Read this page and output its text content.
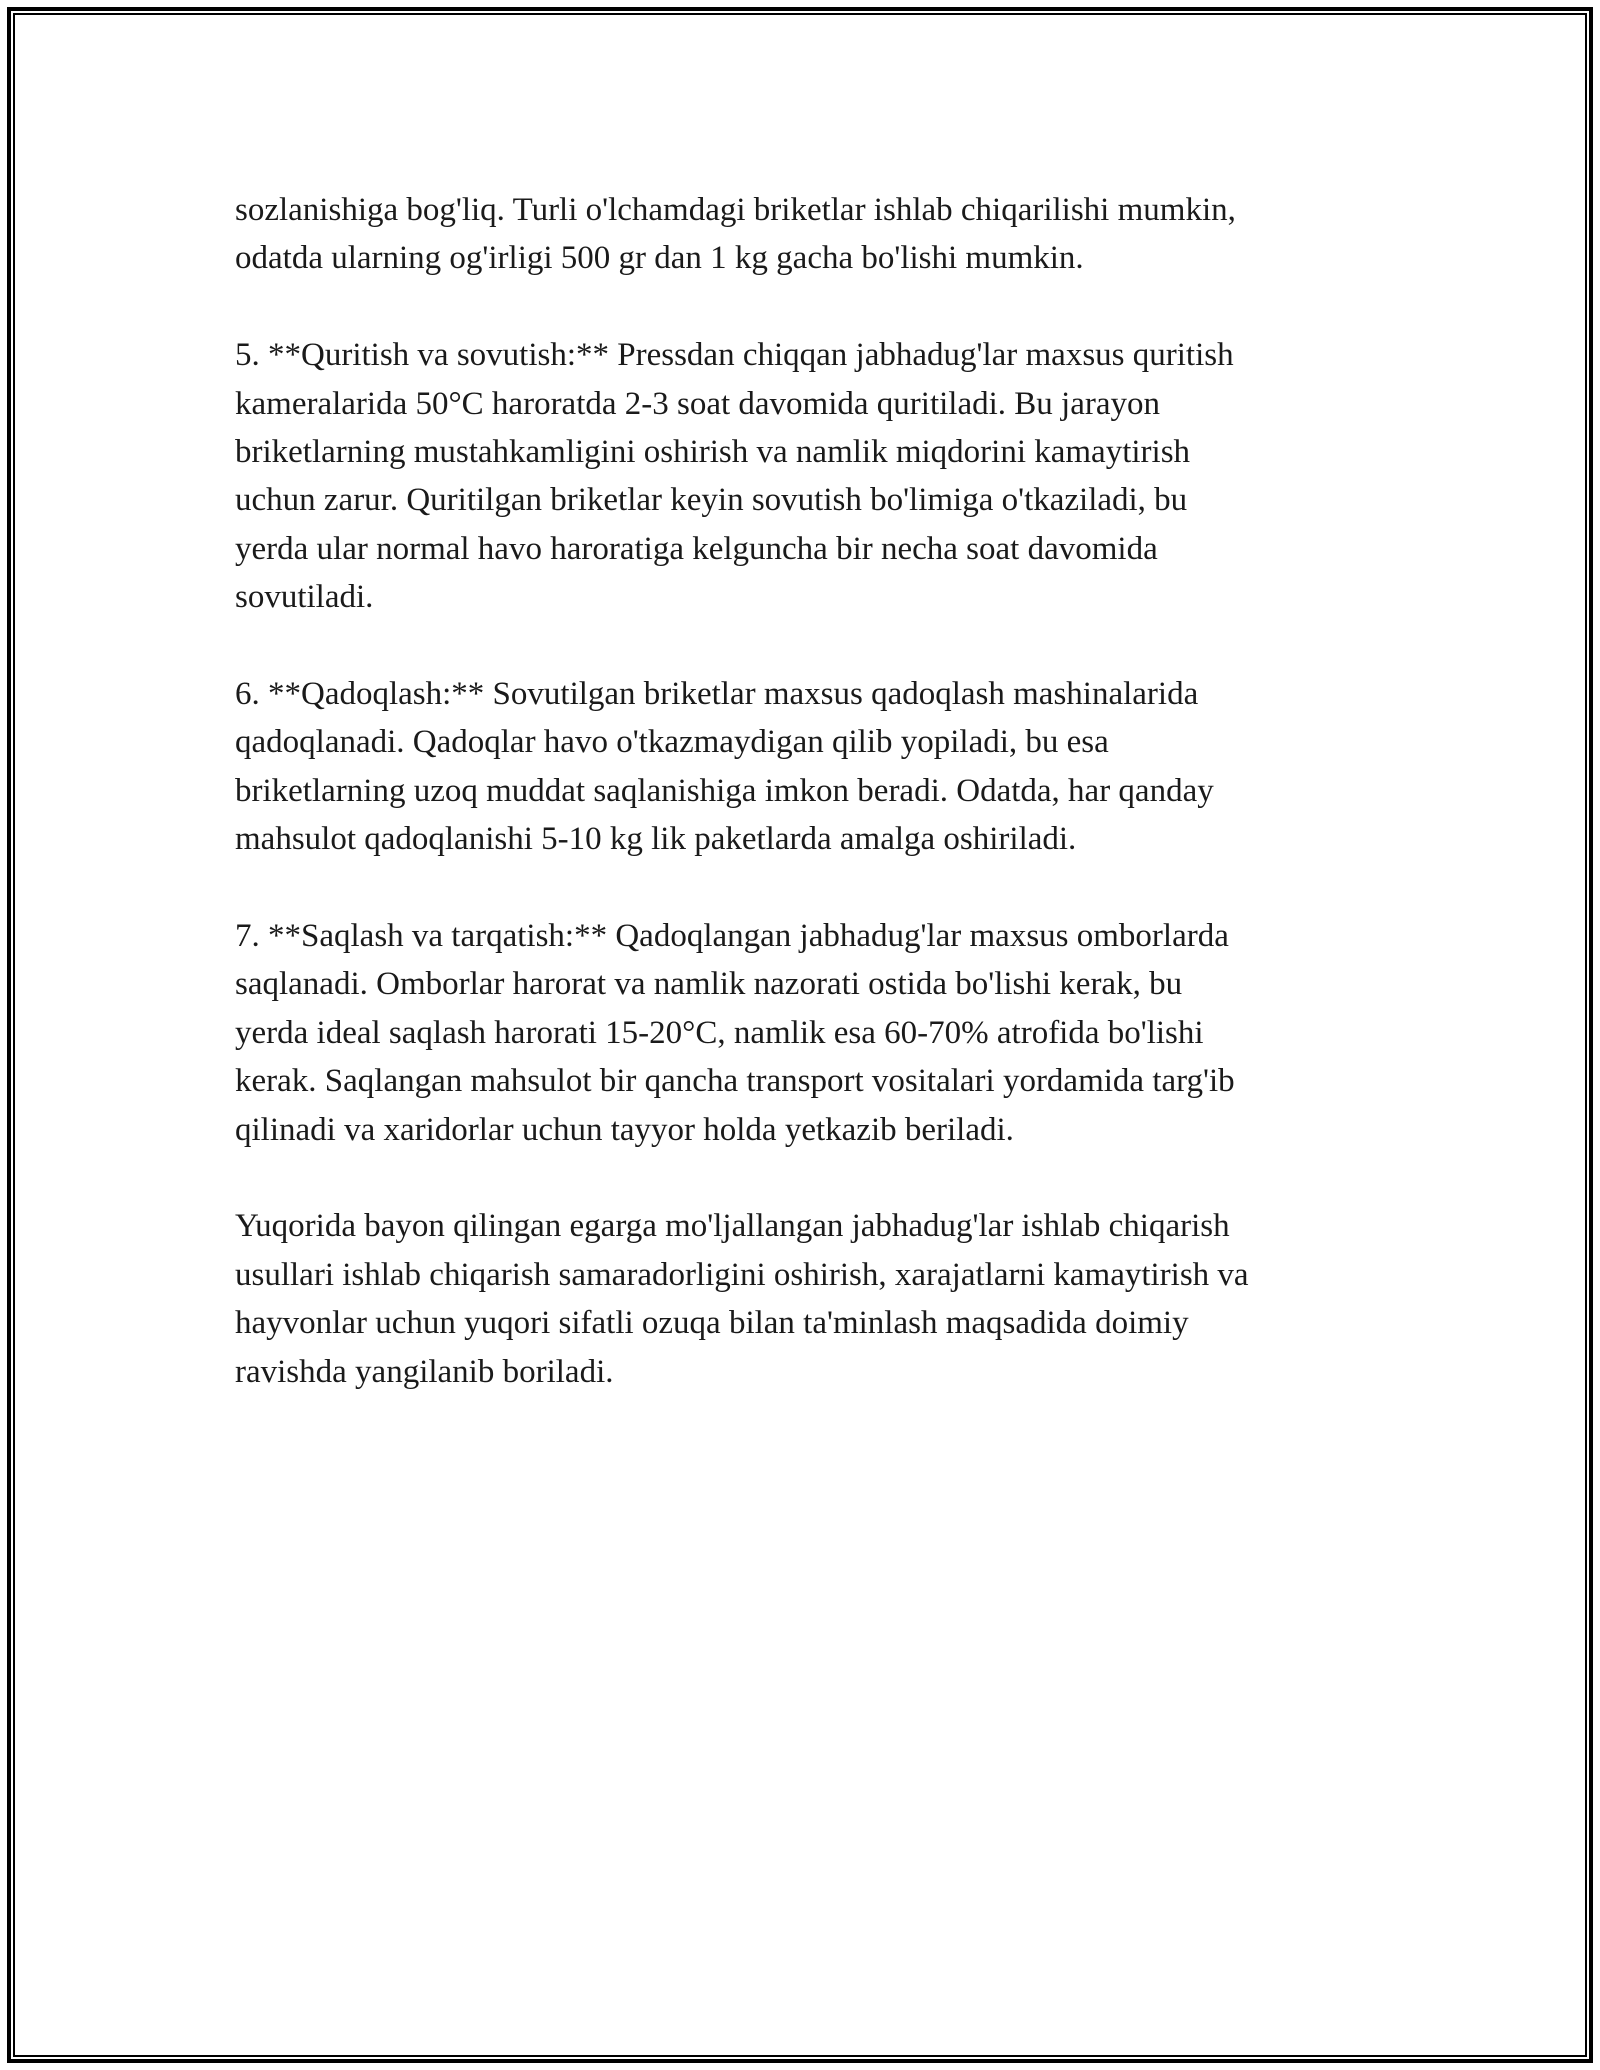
sozlanishiga bog'liq. Turli o'lchamdagi briketlar ishlab chiqarilishi mumkin,
odatda ularning og'irligi 500 gr dan 1 kg gacha bo'lishi mumkin.

5. **Quritish va sovutish:** Pressdan chiqqan jabhadug'lar maxsus quritish
kameralarida 50°C haroratda 2-3 soat davomida quritiladi. Bu jarayon
briketlarning mustahkamligini oshirish va namlik miqdorini kamaytirish
uchun zarur. Quritilgan briketlar keyin sovutish bo'limiga o'tkaziladi, bu
yerda ular normal havo haroratiga kelguncha bir necha soat davomida
sovutiladi.

6. **Qadoqlash:** Sovutilgan briketlar maxsus qadoqlash mashinalarida
qadoqlanadi. Qadoqlar havo o'tkazmaydigan qilib yopiladi, bu esa
briketlarning uzoq muddat saqlanishiga imkon beradi. Odatda, har qanday
mahsulot qadoqlanishi 5-10 kg lik paketlarda amalga oshiriladi.

7. **Saqlash va tarqatish:** Qadoqlangan jabhadug'lar maxsus omborlarda
saqlanadi. Omborlar harorat va namlik nazorati ostida bo'lishi kerak, bu
yerda ideal saqlash harorati 15-20°C, namlik esa 60-70% atrofida bo'lishi
kerak. Saqlangan mahsulot bir qancha transport vositalari yordamida targ'ib
qilinadi va xaridorlar uchun tayyor holda yetkazib beriladi.

Yuqorida bayon qilingan egarga mo'ljallangan jabhadug'lar ishlab chiqarish
usullari ishlab chiqarish samaradorligini oshirish, xarajatlarni kamaytirish va
hayvonlar uchun yuqori sifatli ozuqa bilan ta'minlash maqsadida doimiy
ravishda yangilanib boriladi.
